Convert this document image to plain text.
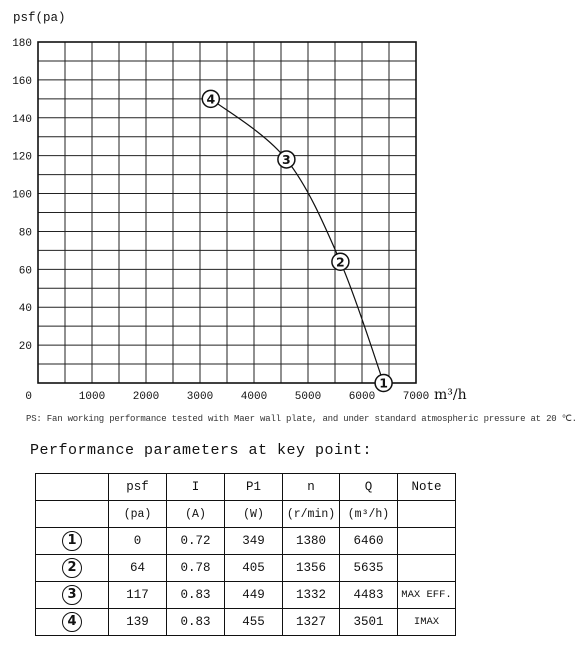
20
40
60
80
100
120
140
160
180
0	1000	2000	3000	4000	5000	6000	7000
psf(pa)
m³/h
4
3
2
1
PS: Fan working performance tested with Maer wall plate, and under standard atmospheric pressure at 20 ℃.
Performance parameters at key point:
	psf	I	P1	n	Q	Note
	(pa)	(A)	(W)	(r/min)	(m³/h)	
1	0	0.72	349	1380	6460	
2	64	0.78	405	1356	5635	
3	117	0.83	449	1332	4483	MAX EFF.
4	139	0.83	455	1327	3501	IMAX
